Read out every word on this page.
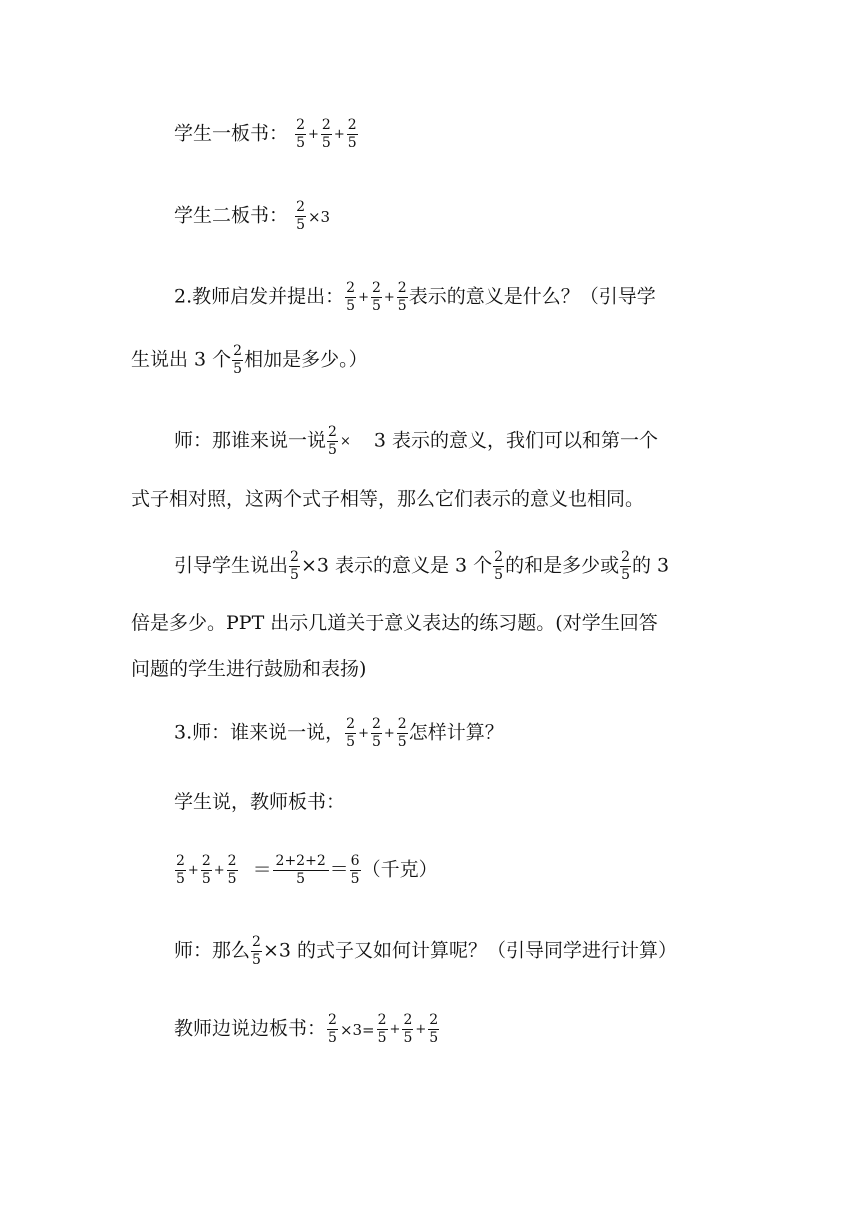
学生一板书： $\frac{2}{5} + \frac{2}{5} + \frac{2}{5}$
学生二板书： $\frac{2}{5} \times 3$
2.教师启发并提出： $\frac{2}{5} + \frac{2}{5} + \frac{2}{5}$ 表示的意义是什么？（引导学
生说出 3 个 $\frac{2}{5}$ 相加是多少。）
师：那谁来说一说 $\frac{2}{5} \times 3$ 表示的意义，我们可以和第一个
式子相对照，这两个式子相等，那么它们表示的意义也相同。
引导学生说出 $\frac{2}{5} \times 3$ 表示的意义是 3 个 $\frac{2}{5}$ 的和是多少或 $\frac{2}{5}$ 的 3
倍是多少。PPT 出示几道关于意义表达的练习题。(对学生回答
问题的学生进行鼓励和表扬)
3.师：谁来说一说， $\frac{2}{5} + \frac{2}{5} + \frac{2}{5}$ 怎样计算？
学生说，教师板书：
$\frac{2}{5} + \frac{2}{5} + \frac{2}{5} = \frac{2+2+2}{5} = \frac{6}{5}$ （千克）
师：那么 $\frac{2}{5} \times 3$ 的式子又如何计算呢？（引导同学进行计算）
教师边说边板书： $\frac{2}{5} \times 3= \frac{2}{5} + \frac{2}{5} + \frac{2}{5}$
